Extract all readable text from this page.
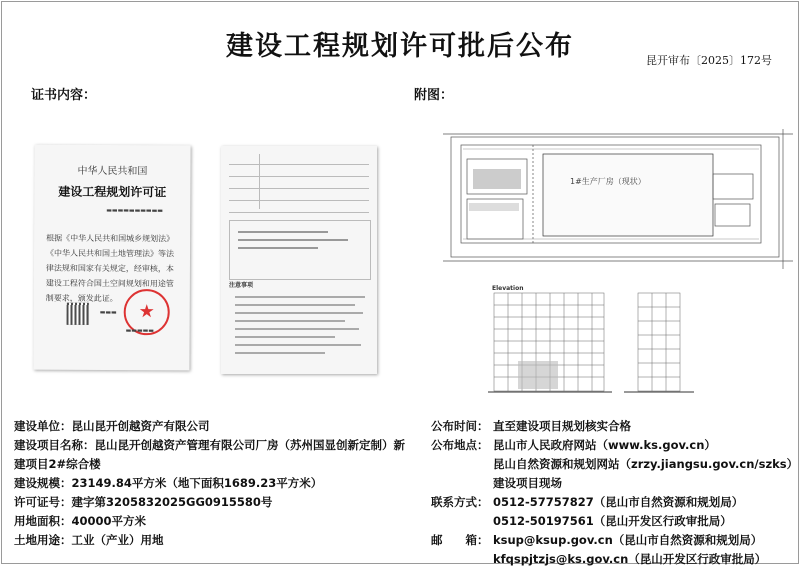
建设工程规划许可批后公布	昆开审布〔2025〕172号
证书内容：	附图：
中华人民共和国
建设工程规划许可证
▬▬▬▬▬▬▬▬▬▬
根据《中华人民共和国城乡规划法》《中华人民共和国土地管理法》等法律法规和国家有关规定，经审核，本建设工程符合国土空间规划和用途管制要求，颁发此证。
★
▬▬▬
▬▬▬▬▬
注意事项
1#生产厂房（现状）
Elevation
建设单位：昆山昆开创越资产有限公司
建设项目名称：昆山昆开创越资产管理有限公司厂房（苏州国显创新定制）新建项目2#综合楼
建设规模：23149.84平方米（地下面积1689.23平方米）
许可证号：建字第3205832025GG0915580号
用地面积：40000平方米
土地用途：工业（产业）用地
公布时间： 直至建设项目规划核实合格
公布地点： 昆山市人民政府网站（www.ks.gov.cn）
昆山自然资源和规划网站（zrzy.jiangsu.gov.cn/szks）
建设项目现场
联系方式： 0512-57757827（昆山市自然资源和规划局）
0512-50197561（昆山开发区行政审批局）
邮　　箱： ksup@ksup.gov.cn（昆山市自然资源和规划局）
kfqspjtzjs@ks.gov.cn（昆山开发区行政审批局）
